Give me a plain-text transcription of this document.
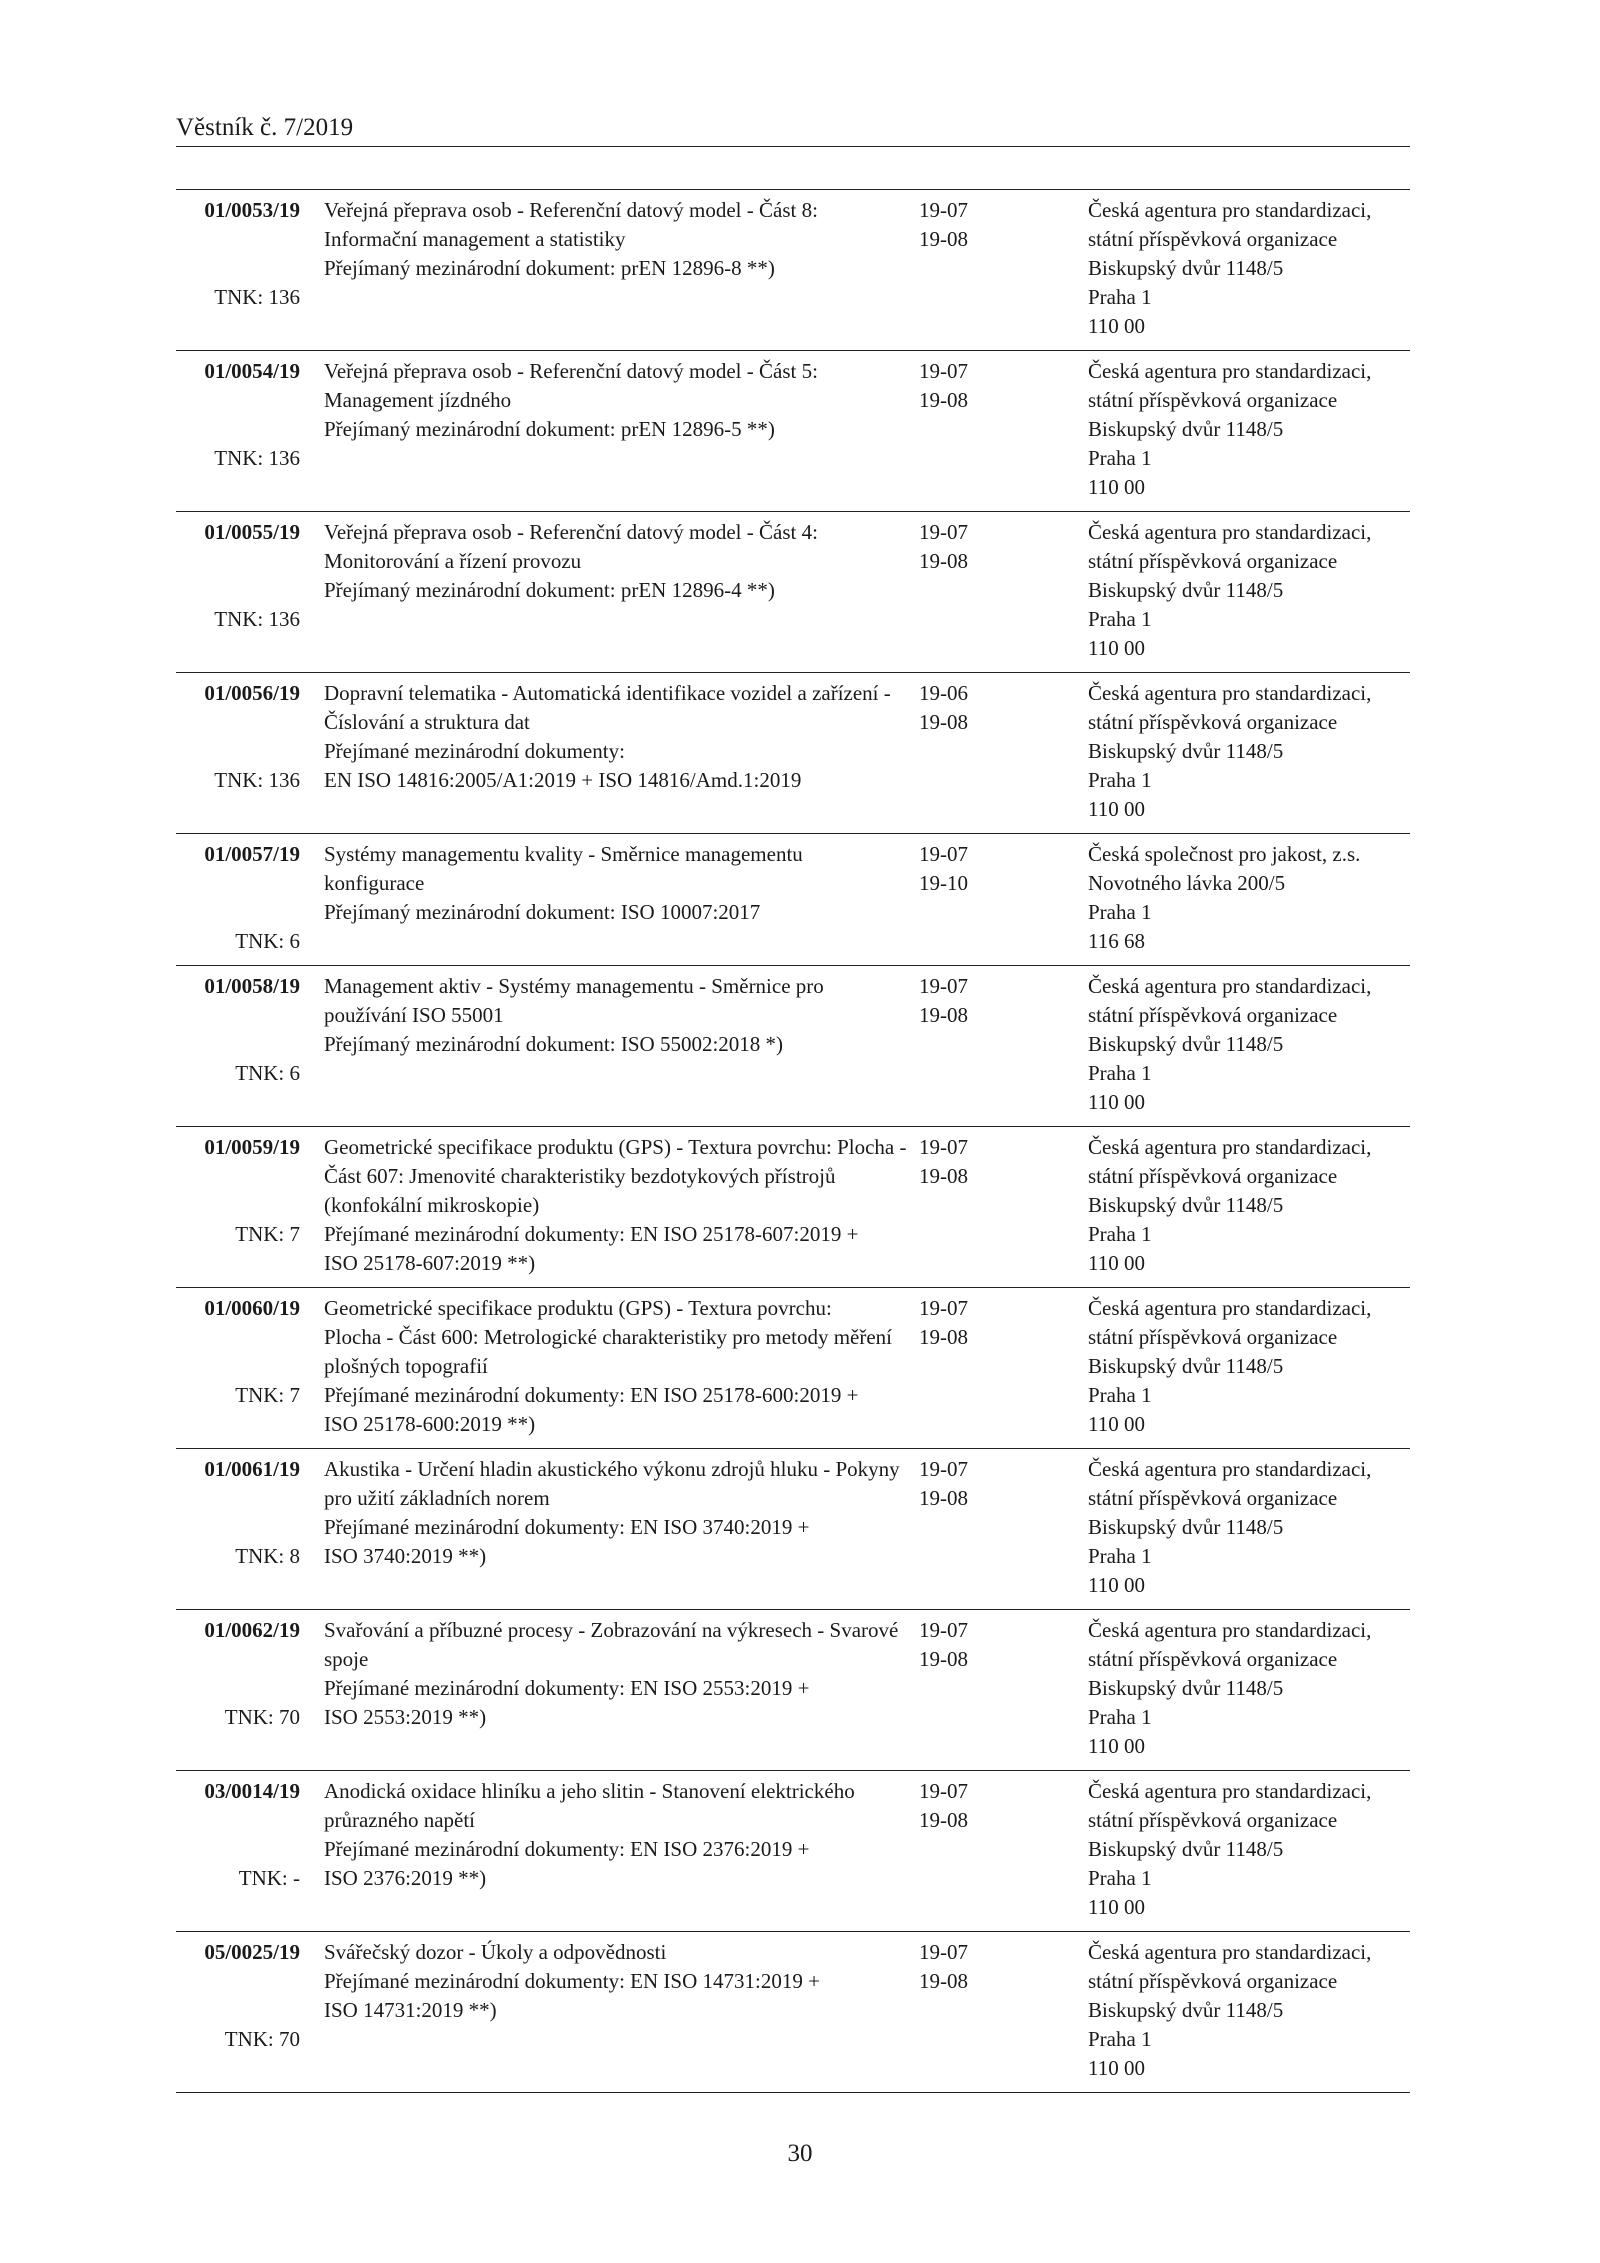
Věstník č. 7/2019
01/0053/19
TNK: 136
Veřejná přeprava osob - Referenční datový model - Část 8:
Informační management a statistiky
Přejímaný mezinárodní dokument: prEN 12896-8 **)
19-07
19-08
Česká agentura pro standardizaci,
státní příspěvková organizace
Biskupský dvůr 1148/5
Praha 1
110 00
01/0054/19
TNK: 136
Veřejná přeprava osob - Referenční datový model - Část 5:
Management jízdného
Přejímaný mezinárodní dokument: prEN 12896-5 **)
19-07
19-08
Česká agentura pro standardizaci,
státní příspěvková organizace
Biskupský dvůr 1148/5
Praha 1
110 00
01/0055/19
TNK: 136
Veřejná přeprava osob - Referenční datový model - Část 4:
Monitorování a řízení provozu
Přejímaný mezinárodní dokument: prEN 12896-4 **)
19-07
19-08
Česká agentura pro standardizaci,
státní příspěvková organizace
Biskupský dvůr 1148/5
Praha 1
110 00
01/0056/19
TNK: 136
Dopravní telematika - Automatická identifikace vozidel a zařízení -
Číslování a struktura dat
Přejímané mezinárodní dokumenty:
EN ISO 14816:2005/A1:2019 + ISO 14816/Amd.1:2019
19-06
19-08
Česká agentura pro standardizaci,
státní příspěvková organizace
Biskupský dvůr 1148/5
Praha 1
110 00
01/0057/19
TNK: 6
Systémy managementu kvality - Směrnice managementu
konfigurace
Přejímaný mezinárodní dokument: ISO 10007:2017
19-07
19-10
Česká společnost pro jakost, z.s.
Novotného lávka 200/5
Praha 1
116 68
01/0058/19
TNK: 6
Management aktiv - Systémy managementu - Směrnice pro
používání ISO 55001
Přejímaný mezinárodní dokument: ISO 55002:2018 *)
19-07
19-08
Česká agentura pro standardizaci,
státní příspěvková organizace
Biskupský dvůr 1148/5
Praha 1
110 00
01/0059/19
TNK: 7
Geometrické specifikace produktu (GPS) - Textura povrchu: Plocha -
Část 607: Jmenovité charakteristiky bezdotykových přístrojů
(konfokální mikroskopie)
Přejímané mezinárodní dokumenty: EN ISO 25178-607:2019 +
ISO 25178-607:2019 **)
19-07
19-08
Česká agentura pro standardizaci,
státní příspěvková organizace
Biskupský dvůr 1148/5
Praha 1
110 00
01/0060/19
TNK: 7
Geometrické specifikace produktu (GPS) - Textura povrchu:
Plocha - Část 600: Metrologické charakteristiky pro metody měření
plošných topografií
Přejímané mezinárodní dokumenty: EN ISO 25178-600:2019 +
ISO 25178-600:2019 **)
19-07
19-08
Česká agentura pro standardizaci,
státní příspěvková organizace
Biskupský dvůr 1148/5
Praha 1
110 00
01/0061/19
TNK: 8
Akustika - Určení hladin akustického výkonu zdrojů hluku - Pokyny
pro užití základních norem
Přejímané mezinárodní dokumenty: EN ISO 3740:2019 +
ISO 3740:2019 **)
19-07
19-08
Česká agentura pro standardizaci,
státní příspěvková organizace
Biskupský dvůr 1148/5
Praha 1
110 00
01/0062/19
TNK: 70
Svařování a příbuzné procesy - Zobrazování na výkresech - Svarové
spoje
Přejímané mezinárodní dokumenty: EN ISO 2553:2019 +
ISO 2553:2019 **)
19-07
19-08
Česká agentura pro standardizaci,
státní příspěvková organizace
Biskupský dvůr 1148/5
Praha 1
110 00
03/0014/19
TNK: -
Anodická oxidace hliníku a jeho slitin - Stanovení elektrického
průrazného napětí
Přejímané mezinárodní dokumenty: EN ISO 2376:2019 +
ISO 2376:2019 **)
19-07
19-08
Česká agentura pro standardizaci,
státní příspěvková organizace
Biskupský dvůr 1148/5
Praha 1
110 00
05/0025/19
TNK: 70
Svářečský dozor - Úkoly a odpovědnosti
Přejímané mezinárodní dokumenty: EN ISO 14731:2019 +
ISO 14731:2019 **)
19-07
19-08
Česká agentura pro standardizaci,
státní příspěvková organizace
Biskupský dvůr 1148/5
Praha 1
110 00
30
